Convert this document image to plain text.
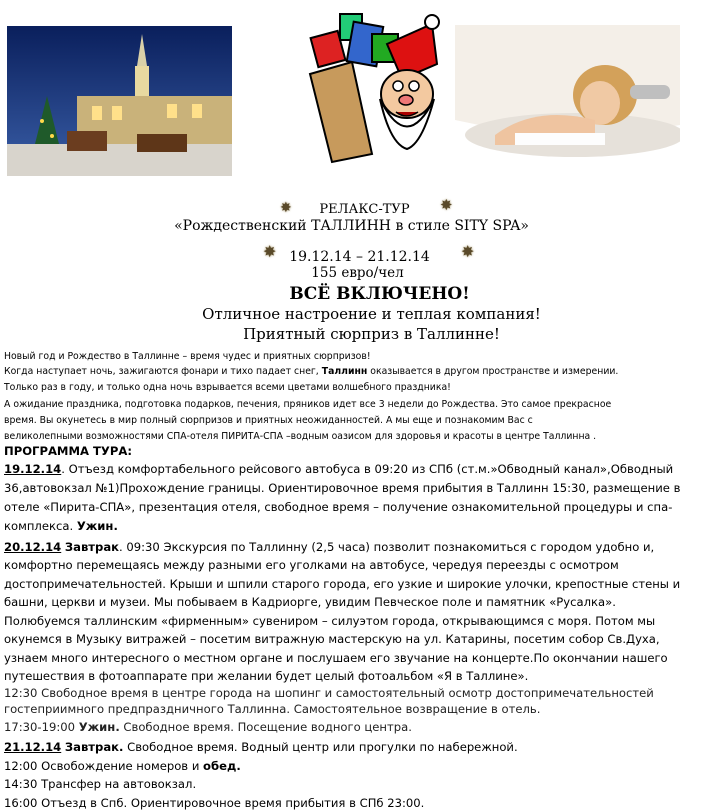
✸	✸
✸	✸
РЕЛАКС-ТУР
«Рождественский ТАЛЛИНН в стиле SITY SPA»
19.12.14 – 21.12.14
155 евро/чел
ВСЁ ВКЛЮЧЕНО!
Отличное настроение и теплая компания!
Приятный сюрприз в Таллинне!
Новый год и Рождество в Таллинне – время чудес и приятных сюрпризов!
Когда наступает ночь, зажигаются фонари и тихо падает снег, Таллинн оказывается в другом пространстве и измерении.
Только раз в году, и только одна ночь взрывается всеми цветами волшебного праздника!
А ожидание праздника, подготовка подарков, печения, пряников идет все 3 недели до Рождества. Это самое прекрасное
время. Вы окунетесь в мир полный сюрпризов и приятных неожиданностей. А мы еще и познакомим Вас с
великолепными возможностями СПА-отеля ПИРИТА-СПА –водным оазисом для здоровья и красоты в центре Таллинна .
ПРОГРАММА ТУРА:
19.12.14. Отъезд комфортабельного рейсового автобуса в 09:20 из СПб (ст.м.»Обводный канал»,Обводный
36,автовокзал №1)Прохождение границы. Ориентировочное время прибытия в Таллинн 15:30, размещение в
отеле «Пирита-СПА», презентация отеля, свободное время – получение ознакомительной процедуры и спа-
комплекса. Ужин.
20.12.14 Завтрак. 09:30 Экскурсия по Таллинну (2,5 часа) позволит познакомиться с городом удобно и,
комфортно перемещаясь между разными его уголками на автобусе, чередуя переезды с осмотром
достопримечательностей. Крыши и шпили старого города, его узкие и широкие улочки, крепостные стены и
башни, церкви и музеи. Мы побываем в Кадриорге, увидим Певческое поле и памятник «Русалка».
Полюбуемся таллинским «фирменным» сувениром – силуэтом города, открывающимся с моря. Потом мы
окунемся в Музыку витражей – посетим витражную мастерскую на ул. Катарины, посетим собор Св.Духа,
узнаем много интересного о местном органе и послушаем его звучание на концерте.По окончании нашего
путешествия в фотоаппарате при желании будет целый фотоальбом «Я в Таллине».
12:30 Свободное время в центре города на шопинг и самостоятельный осмотр достопримечательностей
гостеприимного предпраздничного Таллинна. Самостоятельное возвращение в отель.
17:30-19:00 Ужин. Свободное время. Посещение водного центра.
21.12.14 Завтрак. Свободное время. Водный центр или прогулки по набережной.
12:00 Освобождение номеров и обед.
14:30 Трансфер на автовокзал.
16:00 Отъезд в Спб. Ориентировочное время прибытия в СПб 23:00.
